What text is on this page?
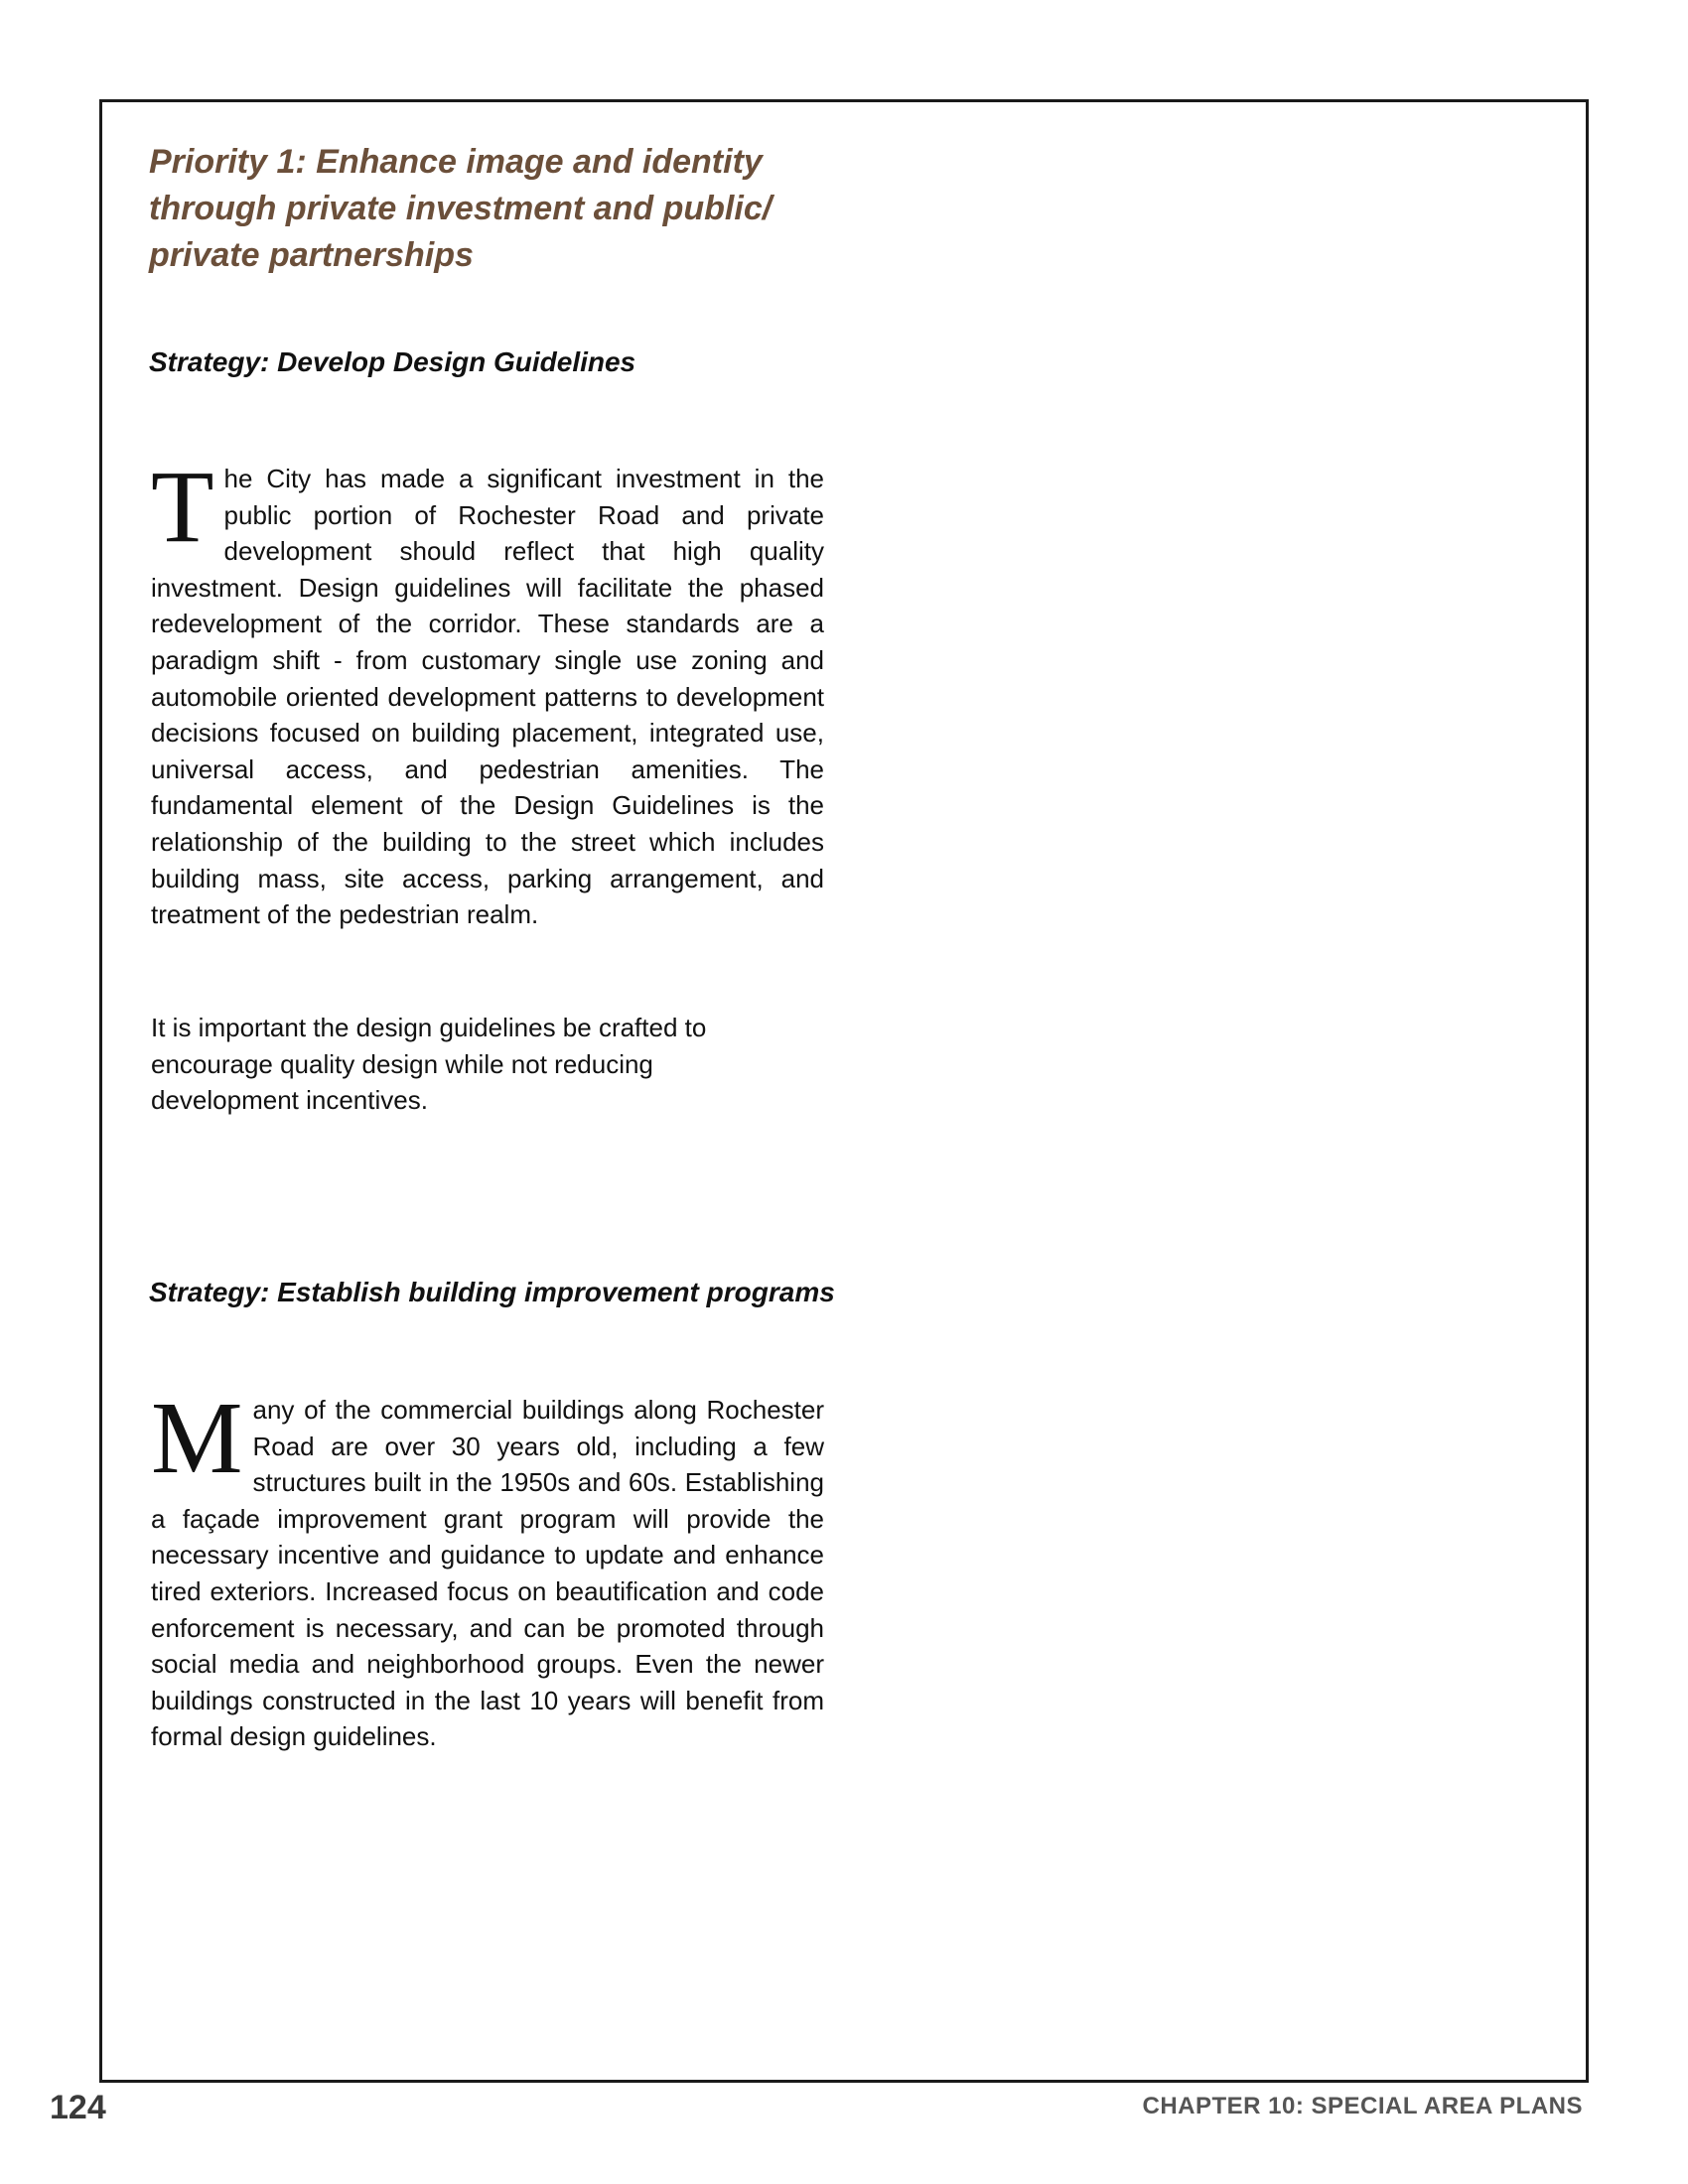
Priority 1: Enhance image and identity through private investment and public/ private partnerships
Strategy: Develop Design Guidelines

The City has made a significant investment in the public portion of Rochester Road and private development should reflect that high quality investment. Design guidelines will facilitate the phased redevelopment of the corridor. These standards are a paradigm shift - from customary single use zoning and automobile oriented development patterns to development decisions focused on building placement, integrated use, universal access, and pedestrian amenities. The fundamental element of the Design Guidelines is the relationship of the building to the street which includes building mass, site access, parking arrangement, and treatment of the pedestrian realm.

It is important the design guidelines be crafted to encourage quality design while not reducing development incentives.

Strategy: Establish building improvement programs

Many of the commercial buildings along Rochester Road are over 30 years old, including a few structures built in the 1950s and 60s. Establishing a façade improvement grant program will provide the necessary incentive and guidance to update and enhance tired exteriors. Increased focus on beautification and code enforcement is necessary, and can be promoted through social media and neighborhood groups. Even the newer buildings constructed in the last 10 years will benefit from formal design guidelines.

124	CHAPTER 10: SPECIAL AREA PLANS
